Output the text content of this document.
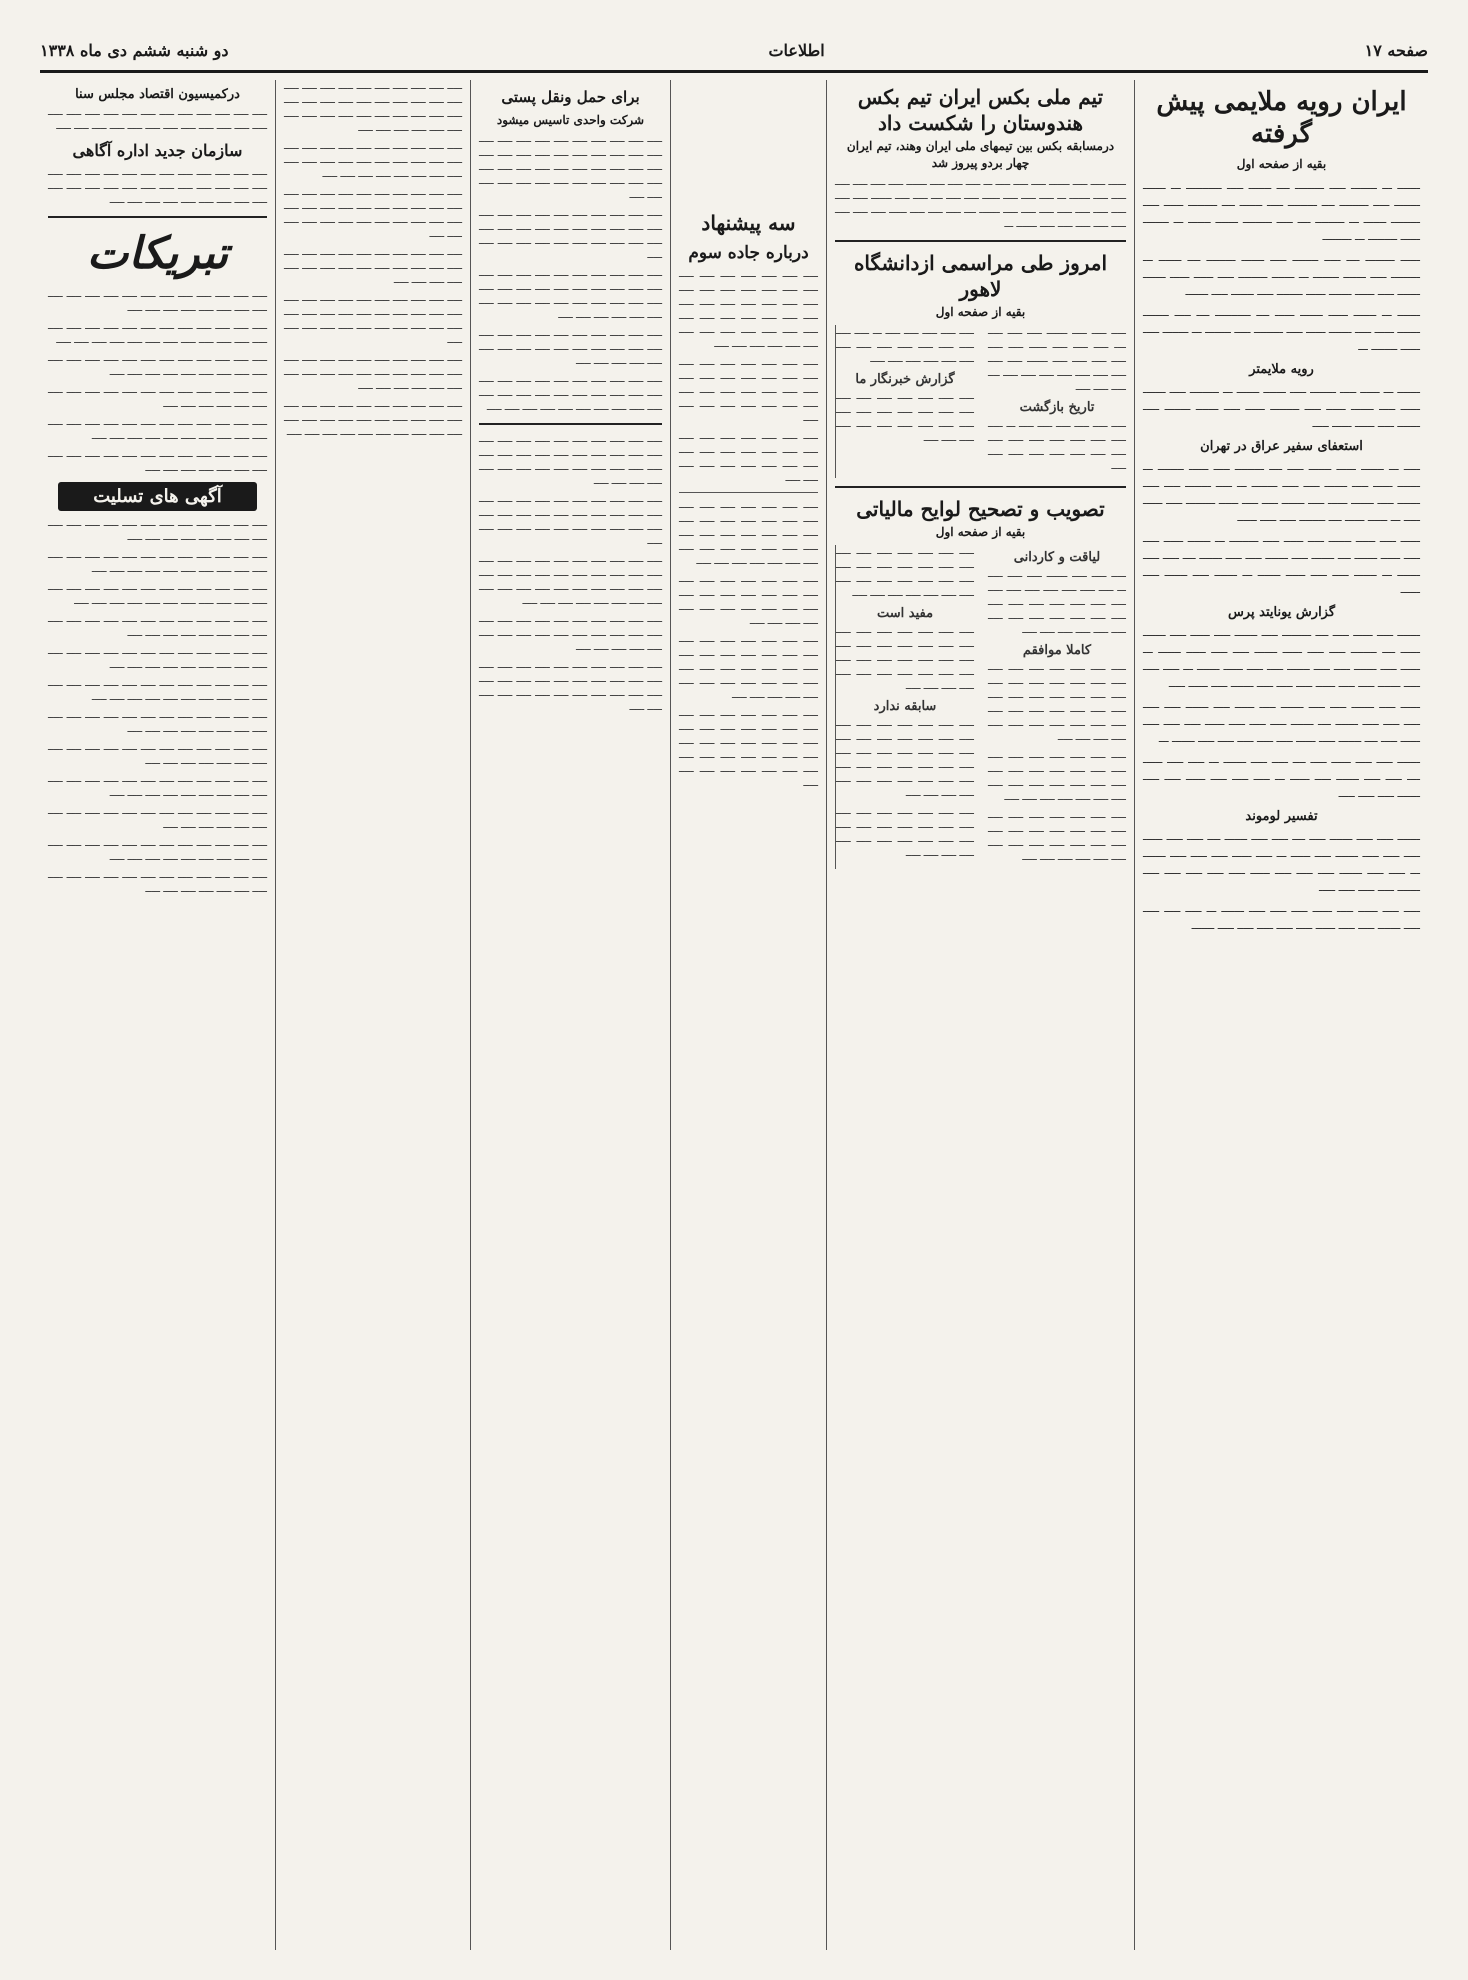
صفحه ۱۷
اطلاعات
دو شنبه ششم دی ماه ۱۳۳۸
ایران رویه ملایمی پیش گرفته
بقیه از صفحه اول

ـــــــ ـــ ــــــــ ـــــ ـــــــــ ــــ ـــــــ ـــــ ـــــــــــ ـــ ـــــــ ــــــــ ـــــ ـــــــــ ــــ ـــــــــ ـــــ ـــــــ ــــ ـــــــــ ــــــ ـــــ ـــــــــ ـــــــ ـــ ـــــــــ ــــ ـــــ ـــــــــ ـــــــ ـــــــ ـــ ــــــــ ــــــ ـــــــــ ـــ ـــــــــ

ــــــ ـــــــــ ــــ ـــــ ــــــــ ـــــ ـــــــ ـــــــــ ــــ ـــــــ ـــ ـــــــــ ـــــ ـــــــ ــــــــ ـــ ـــــــ ـــــــــ ـــــ ــــــ ــــــ ـــــــ ـــــــ ـــــ ــــــ ـــــــ ــــــ ــــــــ ـــــ ـــــــ ـــــ ـــــــ

ـــــــ ـــ ـــــــ ــــــ ـــــــ ــــــ ــــ ـــــــــــ ــــ ـــــ ــــــــ ـــــــ ــــــ ـــــ ـــــــ ــــــ ـــــ ـــــــــ ـــــ ــــــــ ـــ ــــــــ ـــــ ــــــ ــــــــ ـــ

رویه ملایمتر

ـــــــ ـــ ــــــ ـــــ ــــــــ ـــــ ـــــــ ـــــــ ـــ ـــــــــ ـــــ ـــــــ ــــــ ـــــ ـــــــ ــــــ ـــــ ـــــــــ ــــــ ـــــ ـــــــ ــــــــ ـــــ ـــــــ ـــــ ــــــ ــــــ ـــــ

استعفای سفیر عراق در تهران

ـــــ ـــ ـــــــ ــــــ ـــــــ ـــــ ــــ ـــــــــ ـــــ ــــــ ــــــــ ـــ ـــــــ ــــــ ـــــ ـــــــ ـــــ ـــــ ــــــــ ـــ ـــــ ــــــــ ـــــ ـــــ ـــــــ ـــــ ـــــــ ــــــ ـــــ ـــــــ ـــــ ـــــ ــــــ ـــــــــ ـــــ ــــــ ـــــ ـــ ــــــ ــــــ ــــ ــــــــ ـــــ ـــــ ــــــ

ــــــ ـــــ ــــــ ـــــــ ـــــ ــــــ ـــــ ـــــــــ ـــ ـــــــ ــــــ ـــــ ـــــ ــــــ ـــــــ ــــ ـــــــ ـــــ ـــــــ ـــــ ـــــ ـــــــ ــــ ـــــ ـــــ ـــــــ ـــ ـــــــ ـــــ ـــــ ــــــ ـــــــ ـــ ـــــــ ـــــ ـــــــ ـــــ ــــــ

گزارش یونایتد پرس

ـــــــ ـــــ ــــــ ـــــ ــــ ـــــــــ ـــــ ـــــــ ـــــ ــــــ ـــــ ـــــــ ــــــ ــــ ــــــــ ـــــ ـــــ ــــــ ـــــــ ـــــ ـــــ ــــــ ـــــــ ـــ ــــــ ـــــ ـــــــ ـــــ ـــــ ـــــــ ـــــ ـــــ ــــــ ـــــــ ـــ ـــــ ـــــ ـــــ ـــــــ ـــــ ـــــ ــــــ ـــــ ـــــ ـــــ ـــــــ ـــــ ــــــ ـــــ

ــــــ ـــــ ـــــــ ـــــ ـــــ ـــــــ ـــــ ــــــ ـــــ ـــــــ ـــــ ـــــ ـــــ ـــــ ـــــ ـــــــ ــــ ـــــــ ـــــ ـــــ ـــــ ــــــ ـــــ ـــــ ـــــ ــــــ ـــــ ــــ ـــــــ ـــــ ــــــ ـــــ ـــــ ـــــ ـــــ ـــــ ـــــــ ـــ

ـــــــ ـــــ ـــــ ــــــ ـــــ ــــ ـــــ ـــــ ـــــــ ـــ ـــــ ـــــ ــــــ ــــ ـــــ ـــــ ـــــــ ـــــ ــــــ ـــ ـــــ ـــــ ـــــ ــــــ ـــــ ـــــ ـــــــ ـــــ ـــــ ـــــ

تفسیر لوموند

ـــــــ ـــــ ـــــ ـــــــ ـــــ ــــ ـــــ ـــــ ـــــــ ــــ ـــــ ـــــ ــــــ ـــــ ـــــ ـــــ ـــــــ ـــــ ــــــ ـــ ـــــ ــــــ ـــــ ـــــ ـــــ ـــــــ ـــ ـــــ ـــــ ـــــــ ـــــ ـــــ ـــــ ــــــ ـــــ ـــــ ـــــ ـــــ ـــــ ـــــــ ـــــ ـــــ ـــــ ـــــ

ـــــ ـــــ ــــــ ـــــ ــــــ ـــــ ـــــ ـــــ ـــــــ ـــ ـــــ ـــــ ـــــ ـــــ ـــــــ ـــــ ـــــ ــــــ ـــــ ـــــ ـــــ ـــــ ـــــ ـــــــ

تیم ملی بکس ایران تیم بکس هندوستان را شکست داد
درمسابقه بکس بین تیمهای ملی ایران وهند، تیم ایران چهار بردو پیروز شد

ــــــ ـــــ ـــــ ـــــــ ـــــ ـــــ ـــــ ـــ ـــــ ـــــ ـــــ ـــــــ ـــــ ـــــ ـــــ ـــــ ـــــ ـــــ ـــــــ ـــ ـــــ ـــــ ـــــ ــــــ ـــــ ـــــ ــــ ـــــ ـــــ ـــــــ ـــــ ـــــ ـــــ ـــــ ـــــ ـــــ ـــــ ـــــ ـــــ ـــــــ ــــ ـــــ ـــــ ـــــ ــــــ ـــــ ـــــ ـــــ ـــــ ـــــ ـــــ ـــــ ـــــ ـــــــ ـــ

امروز طی مراسمی ازدانشگاه لاهور
بقیه از صفحه اول

ـــــ ـــــ ـــــ ـــــــ ـــــ ـــــ ـــــ ــــ ـــــ ـــــ ـــــ ــــــ ـــــ ـــــ ـــــ ـــــ ـــــ ـــــ ـــــــ ـــــ ـــــ ـــــ ـــــ ـــــ ـــــ ـــــ ـــــ ـــــ ــــ ـــــ ـــــ ـــــ

تاریخ بازگشت

ـــــ ـــــ ـــــ ـــــ ـــــ ـــــ ـــ ـــــ ـــــ ـــــ ـــــ ـــــ ـــــ ـــــ ـــــ ـــــ ـــــ ـــــ ـــــ ـــــ ـــــ ـــــ ـــــ

ـــــ ـــــ ـــــ ـــــ ـــــ ـــ ـــــ ـــــ ـــــ ـــــ ـــــ ـــــ ـــــ ـــــ ـــــ ـــــ ـــــ ـــــ ـــــ ـــــ ـــــ

گزارش خبرنگار ما

ـــــ ـــــ ـــــ ـــــ ـــــ ـــــ ـــــ ـــــ ـــــ ـــــ ـــــ ـــــ ـــــ ـــــ ـــــ ـــــ ـــــ ـــــ ـــــ ـــــ ـــــ ـــــ ـــــ ـــــ

تصویب و تصحیح لوایح مالیاتی
بقیه از صفحه اول
لیاقت و کاردانی

ـــــ ـــــ ـــــ ـــــــ ـــــ ـــــ ـــــ ـــ ـــــ ـــــ ـــــ ـــــ ـــــ ـــــ ـــــ ـــــ ـــــ ـــــ ـــــ ـــــ ـــــ ـــــ ـــــ ـــــ ـــــ ـــــ ـــــ ـــــ ـــــ ـــــ ـــــ ـــــ ـــــ ـــــ ـــــ

کاملا موافقم

ـــــ ـــــ ـــــ ـــــ ـــــ ـــــ ـــــ ـــــ ـــــ ـــــ ـــــ ـــــ ـــــ ـــــ ـــــ ـــــ ـــــ ـــــ ـــــ ـــــ ـــــ ـــــ ـــــ ـــــ ـــــ ـــــ ـــــ ـــــ ـــــ ـــــ ـــــ ـــــ ـــــ ـــــ ـــــ ـــــ ـــــ ـــــ ـــــ

ـــــ ـــــ ـــــ ـــــ ـــــ ـــــ ـــــ ـــــ ـــــ ـــــ ـــــ ـــــ ـــــ ـــــ ـــــ ـــــ ـــــ ـــــ ـــــ ـــــ ـــــ ـــــ ـــــ ـــــ ـــــ ـــــ ـــــ ـــــ

ـــــ ـــــ ـــــ ـــــ ـــــ ـــــ ـــــ ـــــ ـــــ ـــــ ـــــ ـــــ ـــــ ـــــ ـــــ ـــــ ـــــ ـــــ ـــــ ـــــ ـــــ ـــــ ـــــ ـــــ ـــــ ـــــ ـــــ

ـــــ ـــــ ـــــ ـــــ ـــــ ـــــ ـــــ ـــــ ـــــ ـــــ ـــــ ـــــ ـــــ ـــــ ـــــ ـــــ ـــــ ـــــ ـــــ ـــــ ـــــ ـــــ ـــــ ـــــ ـــــ ـــــ ـــــ ـــــ

مفید است

ـــــ ـــــ ـــــ ـــــ ـــــ ـــــ ـــــ ـــــ ـــــ ـــــ ـــــ ـــــ ـــــ ـــــ ـــــ ـــــ ـــــ ـــــ ـــــ ـــــ ـــــ ـــــ ـــــ ـــــ ـــــ ـــــ ـــــ ـــــ ـــــ ـــــ ـــــ ـــــ

سابقه ندارد

ـــــ ـــــ ـــــ ـــــ ـــــ ـــــ ـــــ ـــــ ـــــ ـــــ ـــــ ـــــ ـــــ ـــــ ـــــ ـــــ ـــــ ـــــ ـــــ ـــــ ـــــ ـــــ ـــــ ـــــ ـــــ ـــــ ـــــ ـــــ ـــــ ـــــ ـــــ ـــــ ـــــ ـــــ ـــــ ـــــ ـــــ ـــــ ـــــ

ـــــ ـــــ ـــــ ـــــ ـــــ ـــــ ـــــ ـــــ ـــــ ـــــ ـــــ ـــــ ـــــ ـــــ ـــــ ـــــ ـــــ ـــــ ـــــ ـــــ ـــــ ـــــ ـــــ ـــــ ـــــ

سه پیشنهاد
درباره جاده سوم

ـــــ ـــــ ـــــ ـــــ ـــــ ـــــ ـــــ ـــــ ـــــ ـــــ ـــــ ـــــ ـــــ ـــــ ـــــ ـــــ ـــــ ـــــ ـــــ ـــــ ـــــ ـــــ ـــــ ـــــ ـــــ ـــــ ـــــ ـــــ ـــــ ـــــ ـــــ ـــــ ـــــ ـــــ ـــــ ـــــ ـــــ ـــــ ـــــ ـــــ ـــــ

ـــــ ـــــ ـــــ ـــــ ـــــ ـــــ ـــــ ـــــ ـــــ ـــــ ـــــ ـــــ ـــــ ـــــ ـــــ ـــــ ـــــ ـــــ ـــــ ـــــ ـــــ ـــــ ـــــ ـــــ ـــــ ـــــ ـــــ ـــــ ـــــ

ـــــ ـــــ ـــــ ـــــ ـــــ ـــــ ـــــ ـــــ ـــــ ـــــ ـــــ ـــــ ـــــ ـــــ ـــــ ـــــ ـــــ ـــــ ـــــ ـــــ ـــــ ـــــ ـــــ

ـــــ ـــــ ـــــ ـــــ ـــــ ـــــ ـــــ ـــــ ـــــ ـــــ ـــــ ـــــ ـــــ ـــــ ـــــ ـــــ ـــــ ـــــ ـــــ ـــــ ـــــ ـــــ ـــــ ـــــ ـــــ ـــــ ـــــ ـــــ ـــــ ـــــ ـــــ ـــــ ـــــ ـــــ ـــــ

ـــــ ـــــ ـــــ ـــــ ـــــ ـــــ ـــــ ـــــ ـــــ ـــــ ـــــ ـــــ ـــــ ـــــ ـــــ ـــــ ـــــ ـــــ ـــــ ـــــ ـــــ ـــــ ـــــ ـــــ ـــــ

ـــــ ـــــ ـــــ ـــــ ـــــ ـــــ ـــــ ـــــ ـــــ ـــــ ـــــ ـــــ ـــــ ـــــ ـــــ ـــــ ـــــ ـــــ ـــــ ـــــ ـــــ ـــــ ـــــ ـــــ ـــــ ـــــ ـــــ ـــــ ـــــ ـــــ ـــــ ـــــ ـــــ

ـــــ ـــــ ـــــ ـــــ ـــــ ـــــ ـــــ ـــــ ـــــ ـــــ ـــــ ـــــ ـــــ ـــــ ـــــ ـــــ ـــــ ـــــ ـــــ ـــــ ـــــ ـــــ ـــــ ـــــ ـــــ ـــــ ـــــ ـــــ ـــــ ـــــ ـــــ ـــــ ـــــ ـــــ ـــــ ـــــ

برای حمل ونقل پستی
شرکت واحدی تاسیس میشود

ـــــ ـــــ ـــــ ـــــ ـــــ ـــــ ـــــ ـــــ ـــــ ـــــ ـــــ ـــــ ـــــ ـــــ ـــــ ـــــ ـــــ ـــــ ـــــ ـــــ ـــــ ـــــ ـــــ ـــــ ـــــ ـــــ ـــــ ـــــ ـــــ ـــــ ـــــ ـــــ ـــــ ـــــ ـــــ ـــــ ـــــ ـــــ ـــــ ـــــ ـــــ ـــــ

ـــــ ـــــ ـــــ ـــــ ـــــ ـــــ ـــــ ـــــ ـــــ ـــــ ـــــ ـــــ ـــــ ـــــ ـــــ ـــــ ـــــ ـــــ ـــــ ـــــ ـــــ ـــــ ـــــ ـــــ ـــــ ـــــ ـــــ ـــــ ـــــ ـــــ ـــــ

ـــــ ـــــ ـــــ ـــــ ـــــ ـــــ ـــــ ـــــ ـــــ ـــــ ـــــ ـــــ ـــــ ـــــ ـــــ ـــــ ـــــ ـــــ ـــــ ـــــ ـــــ ـــــ ـــــ ـــــ ـــــ ـــــ ـــــ ـــــ ـــــ ـــــ ـــــ ـــــ ـــــ ـــــ ـــــ ـــــ

ـــــ ـــــ ـــــ ـــــ ـــــ ـــــ ـــــ ـــــ ـــــ ـــــ ـــــ ـــــ ـــــ ـــــ ـــــ ـــــ ـــــ ـــــ ـــــ ـــــ ـــــ ـــــ ـــــ ـــــ ـــــ

ـــــ ـــــ ـــــ ـــــ ـــــ ـــــ ـــــ ـــــ ـــــ ـــــ ـــــ ـــــ ـــــ ـــــ ـــــ ـــــ ـــــ ـــــ ـــــ ـــــ ـــــ ـــــ ـــــ ـــــ ـــــ ـــــ ـــــ ـــــ ـــــ ـــــ

ـــــ ـــــ ـــــ ـــــ ـــــ ـــــ ـــــ ـــــ ـــــ ـــــ ـــــ ـــــ ـــــ ـــــ ـــــ ـــــ ـــــ ـــــ ـــــ ـــــ ـــــ ـــــ ـــــ ـــــ ـــــ ـــــ ـــــ ـــــ ـــــ ـــــ ـــــ ـــــ ـــــ ـــــ

ـــــ ـــــ ـــــ ـــــ ـــــ ـــــ ـــــ ـــــ ـــــ ـــــ ـــــ ـــــ ـــــ ـــــ ـــــ ـــــ ـــــ ـــــ ـــــ ـــــ ـــــ ـــــ ـــــ ـــــ ـــــ ـــــ ـــــ ـــــ ـــــ ـــــ ـــــ

ـــــ ـــــ ـــــ ـــــ ـــــ ـــــ ـــــ ـــــ ـــــ ـــــ ـــــ ـــــ ـــــ ـــــ ـــــ ـــــ ـــــ ـــــ ـــــ ـــــ ـــــ ـــــ ـــــ ـــــ ـــــ ـــــ ـــــ ـــــ ـــــ ـــــ ـــــ ـــــ ـــــ ـــــ ـــــ ـــــ ـــــ ـــــ

ـــــ ـــــ ـــــ ـــــ ـــــ ـــــ ـــــ ـــــ ـــــ ـــــ ـــــ ـــــ ـــــ ـــــ ـــــ ـــــ ـــــ ـــــ ـــــ ـــــ ـــــ ـــــ ـــــ ـــــ ـــــ

ـــــ ـــــ ـــــ ـــــ ـــــ ـــــ ـــــ ـــــ ـــــ ـــــ ـــــ ـــــ ـــــ ـــــ ـــــ ـــــ ـــــ ـــــ ـــــ ـــــ ـــــ ـــــ ـــــ ـــــ ـــــ ـــــ ـــــ ـــــ ـــــ ـــــ ـــــ ـــــ

ـــــ ـــــ ـــــ ـــــ ـــــ ـــــ ـــــ ـــــ ـــــ ـــــ ـــــ ـــــ ـــــ ـــــ ـــــ ـــــ ـــــ ـــــ ـــــ ـــــ ـــــ ـــــ ـــــ ـــــ ـــــ ـــــ ـــــ ـــــ ـــــ ـــــ ـــــ ـــــ ـــــ ـــــ ـــــ ـــــ

ـــــ ـــــ ـــــ ـــــ ـــــ ـــــ ـــــ ـــــ ـــــ ـــــ ـــــ ـــــ ـــــ ـــــ ـــــ ـــــ ـــــ ـــــ ـــــ ـــــ ـــــ ـــــ ـــــ ـــــ ـــــ ـــــ ـــــ ـــــ

ـــــ ـــــ ـــــ ـــــ ـــــ ـــــ ـــــ ـــــ ـــــ ـــــ ـــــ ـــــ ـــــ ـــــ ـــــ ـــــ ـــــ ـــــ ـــــ ـــــ ـــــ ـــــ ـــــ ـــــ ـــــ ـــــ ـــــ ـــــ ـــــ ـــــ ـــــ ـــــ

ـــــ ـــــ ـــــ ـــــ ـــــ ـــــ ـــــ ـــــ ـــــ ـــــ ـــــ ـــــ ـــــ ـــــ ـــــ ـــــ ـــــ ـــــ ـــــ ـــــ ـــــ ـــــ ـــــ ـــــ

ـــــ ـــــ ـــــ ـــــ ـــــ ـــــ ـــــ ـــــ ـــــ ـــــ ـــــ ـــــ ـــــ ـــــ ـــــ ـــــ ـــــ ـــــ ـــــ ـــــ ـــــ ـــــ ـــــ ـــــ ـــــ ـــــ ـــــ ـــــ ـــــ ـــــ ـــــ

ـــــ ـــــ ـــــ ـــــ ـــــ ـــــ ـــــ ـــــ ـــــ ـــــ ـــــ ـــــ ـــــ ـــــ ـــــ ـــــ ـــــ ـــــ ـــــ ـــــ ـــــ ـــــ ـــــ ـــــ ـــــ ـــــ

ـــــ ـــــ ـــــ ـــــ ـــــ ـــــ ـــــ ـــــ ـــــ ـــــ ـــــ ـــــ ـــــ ـــــ ـــــ ـــــ ـــــ ـــــ ـــــ ـــــ ـــــ ـــــ ـــــ ـــــ ـــــ ـــــ ـــــ ـــــ ـــــ ـــــ

درکمیسیون اقتصاد مجلس سنا

ـــــ ـــــ ـــــ ـــــ ـــــ ـــــ ـــــ ـــــ ـــــ ـــــ ـــــ ـــــ ـــــ ـــــ ـــــ ـــــ ـــــ ـــــ ـــــ ـــــ ـــــ ـــــ ـــــ ـــــ

سازمان جدید اداره آگاهی

ـــــ ـــــ ـــــ ـــــ ـــــ ـــــ ـــــ ـــــ ـــــ ـــــ ـــــ ـــــ ـــــ ـــــ ـــــ ـــــ ـــــ ـــــ ـــــ ـــــ ـــــ ـــــ ـــــ ـــــ ـــــ ـــــ ـــــ ـــــ ـــــ ـــــ ـــــ ـــــ ـــــ

تبریکات

ـــــ ـــــ ـــــ ـــــ ـــــ ـــــ ـــــ ـــــ ـــــ ـــــ ـــــ ـــــ ـــــ ـــــ ـــــ ـــــ ـــــ ـــــ ـــــ ـــــ

ـــــ ـــــ ـــــ ـــــ ـــــ ـــــ ـــــ ـــــ ـــــ ـــــ ـــــ ـــــ ـــــ ـــــ ـــــ ـــــ ـــــ ـــــ ـــــ ـــــ ـــــ ـــــ ـــــ ـــــ

ـــــ ـــــ ـــــ ـــــ ـــــ ـــــ ـــــ ـــــ ـــــ ـــــ ـــــ ـــــ ـــــ ـــــ ـــــ ـــــ ـــــ ـــــ ـــــ ـــــ ـــــ

ـــــ ـــــ ـــــ ـــــ ـــــ ـــــ ـــــ ـــــ ـــــ ـــــ ـــــ ـــــ ـــــ ـــــ ـــــ ـــــ ـــــ ـــــ

ـــــ ـــــ ـــــ ـــــ ـــــ ـــــ ـــــ ـــــ ـــــ ـــــ ـــــ ـــــ ـــــ ـــــ ـــــ ـــــ ـــــ ـــــ ـــــ ـــــ ـــــ ـــــ

ـــــ ـــــ ـــــ ـــــ ـــــ ـــــ ـــــ ـــــ ـــــ ـــــ ـــــ ـــــ ـــــ ـــــ ـــــ ـــــ ـــــ ـــــ ـــــ

آگهی های تسلیت

ـــــ ـــــ ـــــ ـــــ ـــــ ـــــ ـــــ ـــــ ـــــ ـــــ ـــــ ـــــ ـــــ ـــــ ـــــ ـــــ ـــــ ـــــ ـــــ ـــــ

ـــــ ـــــ ـــــ ـــــ ـــــ ـــــ ـــــ ـــــ ـــــ ـــــ ـــــ ـــــ ـــــ ـــــ ـــــ ـــــ ـــــ ـــــ ـــــ ـــــ ـــــ ـــــ

ـــــ ـــــ ـــــ ـــــ ـــــ ـــــ ـــــ ـــــ ـــــ ـــــ ـــــ ـــــ ـــــ ـــــ ـــــ ـــــ ـــــ ـــــ ـــــ ـــــ ـــــ ـــــ ـــــ

ـــــ ـــــ ـــــ ـــــ ـــــ ـــــ ـــــ ـــــ ـــــ ـــــ ـــــ ـــــ ـــــ ـــــ ـــــ ـــــ ـــــ ـــــ ـــــ ـــــ

ـــــ ـــــ ـــــ ـــــ ـــــ ـــــ ـــــ ـــــ ـــــ ـــــ ـــــ ـــــ ـــــ ـــــ ـــــ ـــــ ـــــ ـــــ ـــــ ـــــ ـــــ

ـــــ ـــــ ـــــ ـــــ ـــــ ـــــ ـــــ ـــــ ـــــ ـــــ ـــــ ـــــ ـــــ ـــــ ـــــ ـــــ ـــــ ـــــ ـــــ ـــــ ـــــ ـــــ

ـــــ ـــــ ـــــ ـــــ ـــــ ـــــ ـــــ ـــــ ـــــ ـــــ ـــــ ـــــ ـــــ ـــــ ـــــ ـــــ ـــــ ـــــ ـــــ ـــــ

ـــــ ـــــ ـــــ ـــــ ـــــ ـــــ ـــــ ـــــ ـــــ ـــــ ـــــ ـــــ ـــــ ـــــ ـــــ ـــــ ـــــ ـــــ ـــــ

ـــــ ـــــ ـــــ ـــــ ـــــ ـــــ ـــــ ـــــ ـــــ ـــــ ـــــ ـــــ ـــــ ـــــ ـــــ ـــــ ـــــ ـــــ ـــــ ـــــ ـــــ

ـــــ ـــــ ـــــ ـــــ ـــــ ـــــ ـــــ ـــــ ـــــ ـــــ ـــــ ـــــ ـــــ ـــــ ـــــ ـــــ ـــــ ـــــ

ـــــ ـــــ ـــــ ـــــ ـــــ ـــــ ـــــ ـــــ ـــــ ـــــ ـــــ ـــــ ـــــ ـــــ ـــــ ـــــ ـــــ ـــــ ـــــ ـــــ ـــــ

ـــــ ـــــ ـــــ ـــــ ـــــ ـــــ ـــــ ـــــ ـــــ ـــــ ـــــ ـــــ ـــــ ـــــ ـــــ ـــــ ـــــ ـــــ ـــــ
